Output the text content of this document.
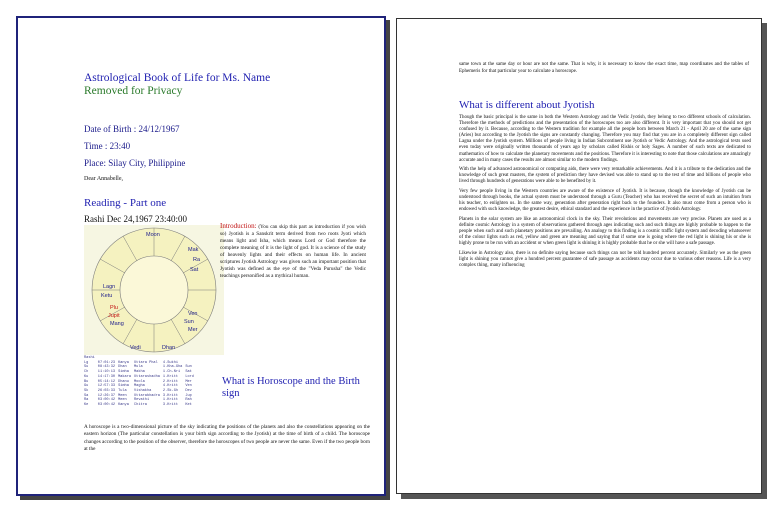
Astrological Book of Life for Ms. Name
Removed for Privacy
Date of Birth : 24/12/1967
Time : 23:40
Place: Silay City, Philippine
Dear Annabelle,
Reading - Part one
Rashi Dec 24,1967 23:40:00
Moon
Mak
Ra
Sat
Lagn
Ketu
Plu
Jupit
Mang
Ven
Sun
Mer
Vedi	Dhan
Rashi					
Lg	07:01:23	Kanya	Uttara Phal	4.Sukhi	
Su	08:43:32	Dhan	Mula	1.Kha-Gha	Sun
Ch	11:10:13	Simha	Makha	1.Ch-Nri	Sat
Ku	14:17:30	Makara	Uttarashadha	1.Kritt	Lord
Bu	05:14:12	Dhanu	Moola	2.Kritt	Mer
Gu	12:57:33	Simha	Magha	4.Kritt	Ven
Sk	26:03:33	Tula	Vishakha	2.Sk-Gh	Dev
Sa	12:26:37	Meen	Uttarabhadra	3.Kritt	Jup
Ra	03:00:42	Meen	Revathi	1.Kritt	Rah
Ke	03:00:42	Kanya	Chitra	3.Kritt	Ket
Introduction: (You can skip this part as introduction if you wish so) Jyotish is a Sanskrit term derived from two roots Jyoti which means light and Isha, which means Lord or God therefore the complete meaning of it is the light of god. It is a science of the study of heavenly lights and their effects on human life. In ancient scriptures Jyotish Astrology was given such an important position that Jyotish was defined as the eye of the "Veda Purusha" the Vedic teachings personified as a mythical human.
What is Horoscope and the Birth sign
A horoscope is a two-dimensional picture of the sky indicating the positions of the planets and also the constellations appearing on the eastern horizon (The particular constellation is your birth sign according to the Jyotish) at the time of birth of a child. The horoscope changes according to the position of the observer, therefore the horoscopes of two people are never the same. Even if the two people born at the
same town at the same day or hour are not the same. That is why, it is necessary to know the exact time, map coordinates and the tables of Ephemeris for that particular year to calculate a horoscope.
What is different about Jyotish

Though the basic principal is the same in both the Western Astrology and the Vedic Jyotish, they belong to two different schools of calculation. Therefore the methods of predictions and the presentation of the horoscopes too are also different. It is very important that you should not get confused by it. Because, according to the Western tradition for example all the people born between March 21 - April 20 are of the same sign (Aries) but according to the Jyotish the signs are constantly changing. Therefore you may find that you are in a completely different sign called Lagna under the Jyotish system. Millions of people living in Indian Subcontinent use Jyotish or Vedic Astrology. And the astrological texts used even today were originally written thousands of years ago by scholars called Rishis or holy Sages. A number of such texts are dedicated to mathematics of how to calculate the planetary movements and the positions. Therefore it is interesting to note that those calculations are amazingly accurate and in many cases the results are almost similar to the modern findings.

With the help of advanced astronomical or computing aids, there were very remarkable achievements. And it is a tribute to the dedication and the knowledge of such great masters, the system of prediction they have devised was able to stand up to the test of time and billions of people who lived through hundreds of generations were able to be benefited by it.

Very few people living in the Western countries are aware of the existence of Jyotish. It is because, though the knowledge of Jyotish can be understood through books, the actual system must be understood through a Guru (Teacher) who has received the secret of such an intuition from his teacher, to enlighten us. In the same way, generation after generation right back to the founders. It also must come from a person who is endowed with such knowledge, the greatest desire, ethical standard and the experience in the practice of Jyotish Astrology.

Planets in the solar system are like an astronomical clock in the sky. Their revolutions and movements are very precise. Planets are used as a definite cosmic Astrology in a system of observations gathered through ages indicating such and such things are highly probable to happen to the people when such and such planetary positions are prevailing. An analogy to this finding is a cosmic traffic light system and decoding whatsoever of the colour lights such as red, yellow and green are meaning and saying that if some one is going where the red light is shining his or she is highly prone to be run with an accident or when green light is shining it is highly probable that he or she will have a safe passage.

Likewise in Astrology also, there is no definite saying because such things can not be told hundred percent accurately. Similarly we as the green light is shining you cannot give a hundred percent guarantee of safe passage as accidents may occur due to various other reasons. Life is a very complex thing, many influencing
